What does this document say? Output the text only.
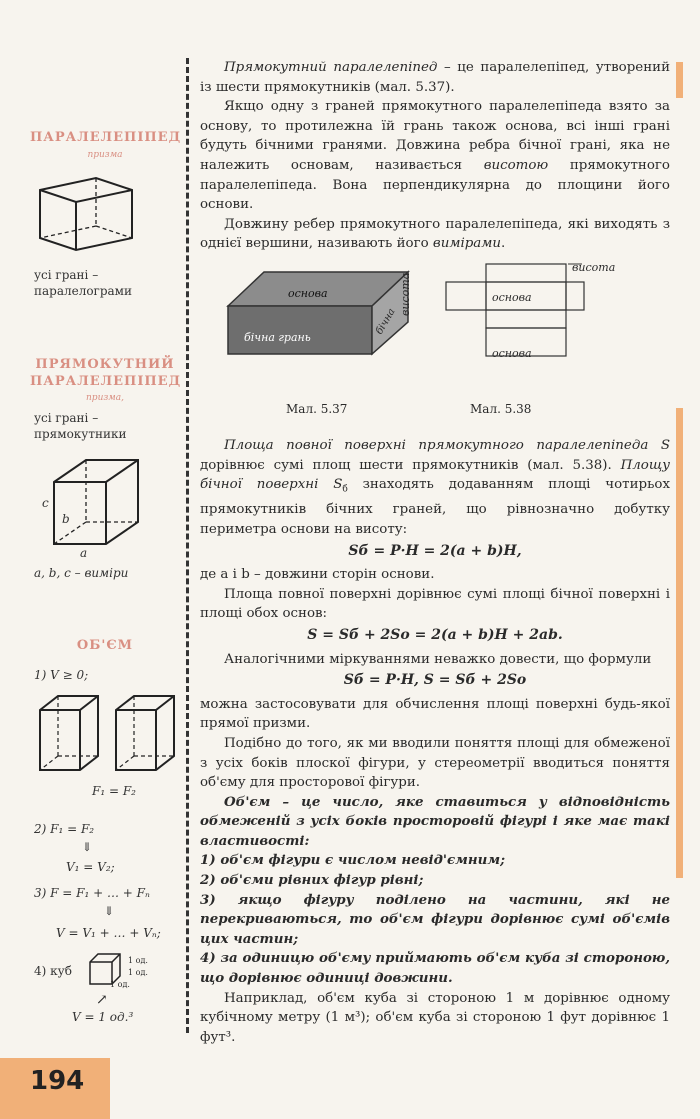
ПАРАЛЕЛЕПІПЕД
призма
усі грані –
паралелограми
ПРЯМОКУТНИЙ
ПАРАЛЕЛЕПІПЕД
призма,
усі грані –
прямокутники
c
b
a
a, b, c – виміри
ОБ'ЄМ
1) V ≥ 0;
F₁ = F₂
2) F₁ = F₂
⇓
V₁ = V₂;
3) F = F₁ + … + Fₙ
⇓
V = V₁ + … + Vₙ;
4) куб
1 од.
1 од.
1 од.
↗
V = 1 од.³

Прямокутний паралелепіпед – це паралелепіпед, утворений із шести прямокутників (мал. 5.37).

Якщо одну з граней прямокутного паралелепіпеда взято за основу, то протилежна їй грань також основа, всі інші грані будуть бічними гранями. Довжина ребра бічної грані, яка не належить основам, називається висотою прямокутного паралелепіпеда. Вона перпендикулярна до площини його основи.

Довжину ребер прямокутного паралелепіпеда, які виходять з однієї вершини, називають його вимірами.

основа
бічна грань
бічна
висота
Мал. 5.37
висота
основа
основа
Мал. 5.38

Площа повної поверхні прямокутного паралелепіпеда S дорівнює сумі площ шести прямокутників (мал. 5.38). Площу бічної поверхні $S_б$ знаходять додаванням площі чотирьох прямокутників бічних граней, що рівнозначно добутку периметра основи на висоту:

Sб = P·H = 2(a + b)H,

де a і b – довжини сторін основи.

Площа повної поверхні дорівнює сумі площі бічної поверхні і площі обох основ:

S = Sб + 2Sо = 2(a + b)H + 2ab.

Аналогічними міркуваннями неважко довести, що формули

Sб = P·H, S = Sб + 2Sо

можна застосовувати для обчислення площі поверхні будь-якої прямої призми.

Подібно до того, як ми вводили поняття площі для обмеженої з усіх боків плоскої фігури, у стереометрії вводиться поняття об'єму для просторової фігури.

Об'єм – це число, яке ставиться у відповідність обмеженій з усіх боків просторовій фігурі і яке має такі властивості:

1) об'єм фігури є числом невід'ємним;

2) об'єми рівних фігур рівні;

3) якщо фігуру поділено на частини, які не перекриваються, то об'єм фігури дорівнює сумі об'ємів цих частин;

4) за одиницю об'єму приймають об'єм куба зі стороною, що дорівнює одиниці довжини.

Наприклад, об'єм куба зі стороною 1 м дорівнює одному кубічному метру (1 м³); об'єм куба зі стороною 1 фут дорівнює 1 фут³.

194
